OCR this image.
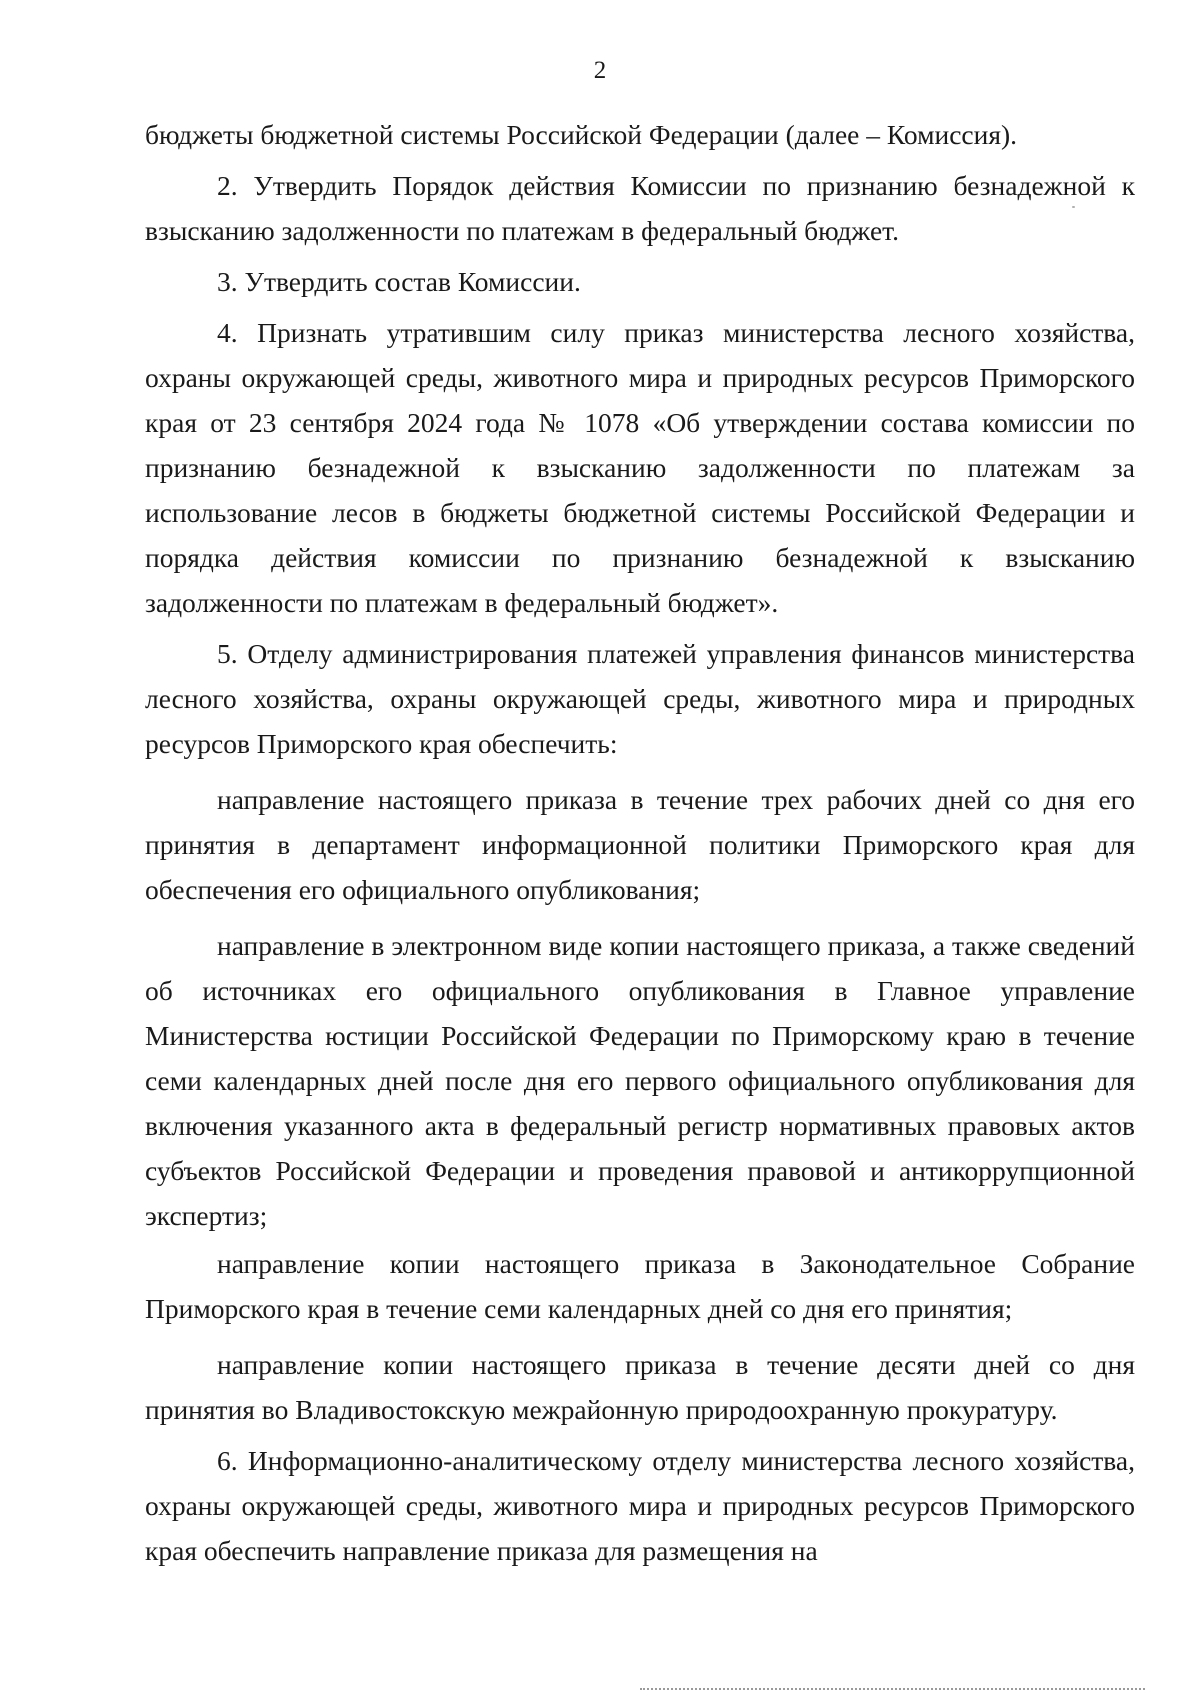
2

бюджеты бюджетной системы Российской Федерации (далее – Комиссия).

2. Утвердить Порядок действия Комиссии по признанию безнадежной к взысканию задолженности по платежам в федеральный бюджет.

3. Утвердить состав Комиссии.

4. Признать утратившим силу приказ министерства лесного хозяйства, охраны окружающей среды, животного мира и природных ресурсов Приморского края от 23 сентября 2024 года № 1078 «Об утверждении состава комиссии по признанию безнадежной к взысканию задолженности по платежам за использование лесов в бюджеты бюджетной системы Российской Федерации и порядка действия комиссии по признанию безнадежной к взысканию задолженности по платежам в федеральный бюджет».

5. Отделу администрирования платежей управления финансов министерства лесного хозяйства, охраны окружающей среды, животного мира и природных ресурсов Приморского края обеспечить:

направление настоящего приказа в течение трех рабочих дней со дня его принятия в департамент информационной политики Приморского края для обеспечения его официального опубликования;

направление в электронном виде копии настоящего приказа, а также сведений об источниках его официального опубликования в Главное управление Министерства юстиции Российской Федерации по Приморскому краю в течение семи календарных дней после дня его первого официального опубликования для включения указанного акта в федеральный регистр нормативных правовых актов субъектов Российской Федерации и проведения правовой и антикоррупционной экспертиз;

направление копии настоящего приказа в Законодательное Собрание Приморского края в течение семи календарных дней со дня его принятия;

направление копии настоящего приказа в течение десяти дней со дня принятия во Владивостокскую межрайонную природоохранную прокуратуру.

6. Информационно-аналитическому отделу министерства лесного хозяйства, охраны окружающей среды, животного мира и природных ресурсов Приморского края обеспечить направление приказа для размещения на
